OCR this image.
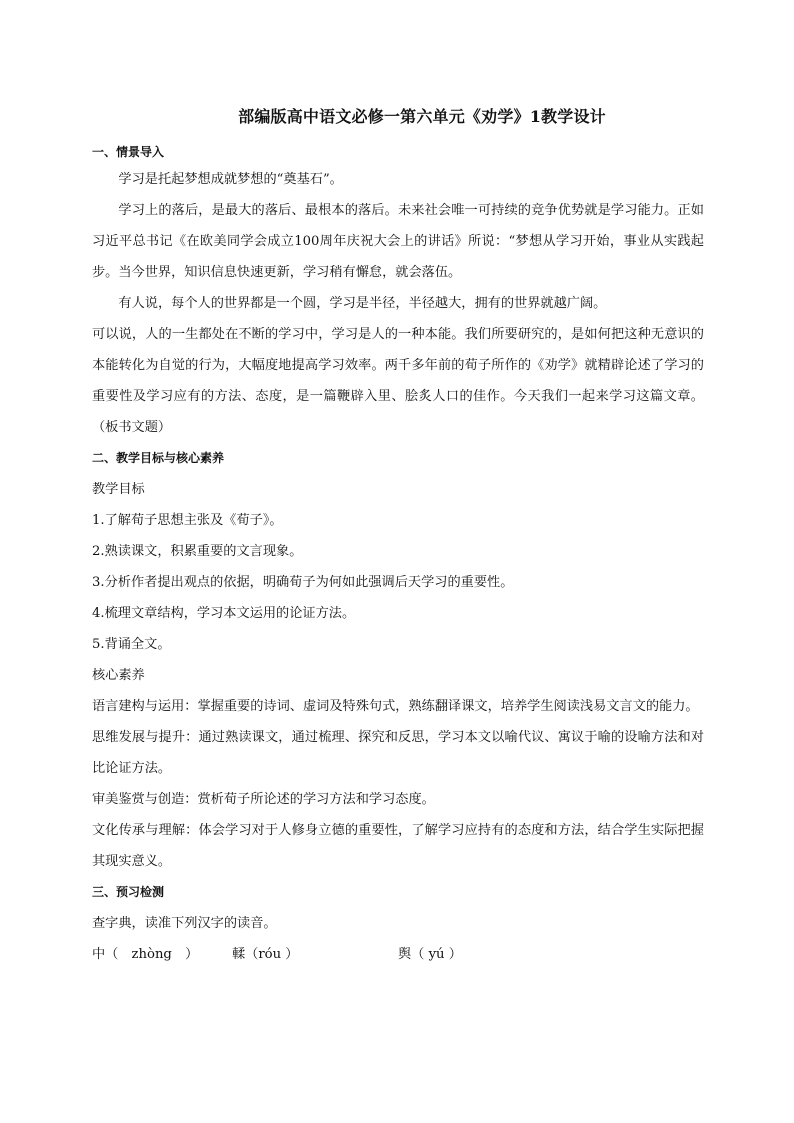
部编版高中语文必修一第六单元《劝学》1教学设计
一、情景导入
学习是托起梦想成就梦想的“奠基石”。
学习上的落后，是最大的落后、最根本的落后。未来社会唯一可持续的竞争优势就是学习能力。正如习近平总书记《在欧美同学会成立100周年庆祝大会上的讲话》所说：“梦想从学习开始，事业从实践起步。当今世界，知识信息快速更新，学习稍有懈怠，就会落伍。
有人说，每个人的世界都是一个圆，学习是半径，半径越大，拥有的世界就越广阔。
可以说，人的一生都处在不断的学习中，学习是人的一种本能。我们所要研究的，是如何把这种无意识的本能转化为自觉的行为，大幅度地提高学习效率。两千多年前的荀子所作的《劝学》就精辟论述了学习的重要性及学习应有的方法、态度，是一篇鞭辟入里、脍炙人口的佳作。今天我们一起来学习这篇文章。（板书文题）
二、教学目标与核心素养
教学目标
1.了解荀子思想主张及《荀子》。
2.熟读课文，积累重要的文言现象。
3.分析作者提出观点的依据，明确荀子为何如此强调后天学习的重要性。
4.梳理文章结构，学习本文运用的论证方法。
5.背诵全文。
核心素养
语言建构与运用：掌握重要的诗词、虚词及特殊句式，熟练翻译课文，培养学生阅读浅易文言文的能力。
思维发展与提升：通过熟读课文，通过梳理、探究和反思，学习本文以喻代议、寓议于喻的设喻方法和对比论证方法。
审美鉴赏与创造：赏析荀子所论述的学习方法和学习态度。
文化传承与理解：体会学习对于人修身立德的重要性，了解学习应持有的态度和方法，结合学生实际把握其现实意义。
三、预习检测
查字典，读准下列汉字的读音。
中（　zhòng　）	輮（róu ）	舆（ yú ）
